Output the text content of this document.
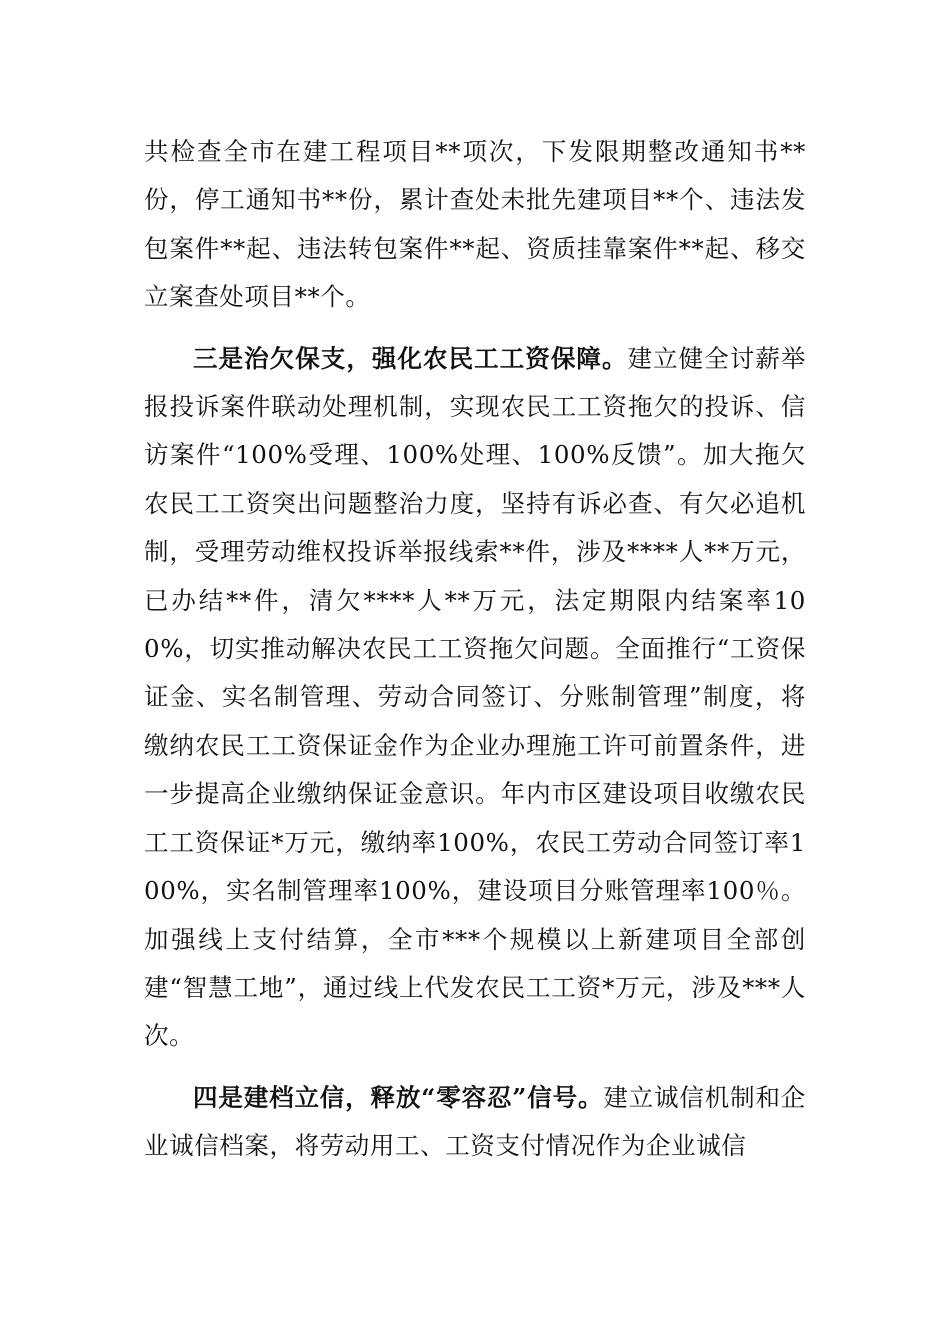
共检查全市在建工程项目**项次，下发限期整改通知书**份，停工通知书**份，累计查处未批先建项目**个、违法发包案件**起、违法转包案件**起、资质挂靠案件**起、移交立案查处项目**个。

三是治欠保支，强化农民工工资保障。建立健全讨薪举报投诉案件联动处理机制，实现农民工工资拖欠的投诉、信访案件“100%受理、100%处理、100%反馈”。加大拖欠农民工工资突出问题整治力度，坚持有诉必查、有欠必追机制，受理劳动维权投诉举报线索**件，涉及****人**万元，已办结**件，清欠****人**万元，法定期限内结案率100%，切实推动解决农民工工资拖欠问题。全面推行“工资保证金、实名制管理、劳动合同签订、分账制管理”制度，将缴纳农民工工资保证金作为企业办理施工许可前置条件，进一步提高企业缴纳保证金意识。年内市区建设项目收缴农民工工资保证*万元，缴纳率100%，农民工劳动合同签订率100%，实名制管理率100%，建设项目分账管理率100％。加强线上支付结算，全市***个规模以上新建项目全部创建“智慧工地”，通过线上代发农民工工资*万元，涉及***人次。

四是建档立信，释放“零容忍”信号。建立诚信机制和企业诚信档案，将劳动用工、工资支付情况作为企业诚信
